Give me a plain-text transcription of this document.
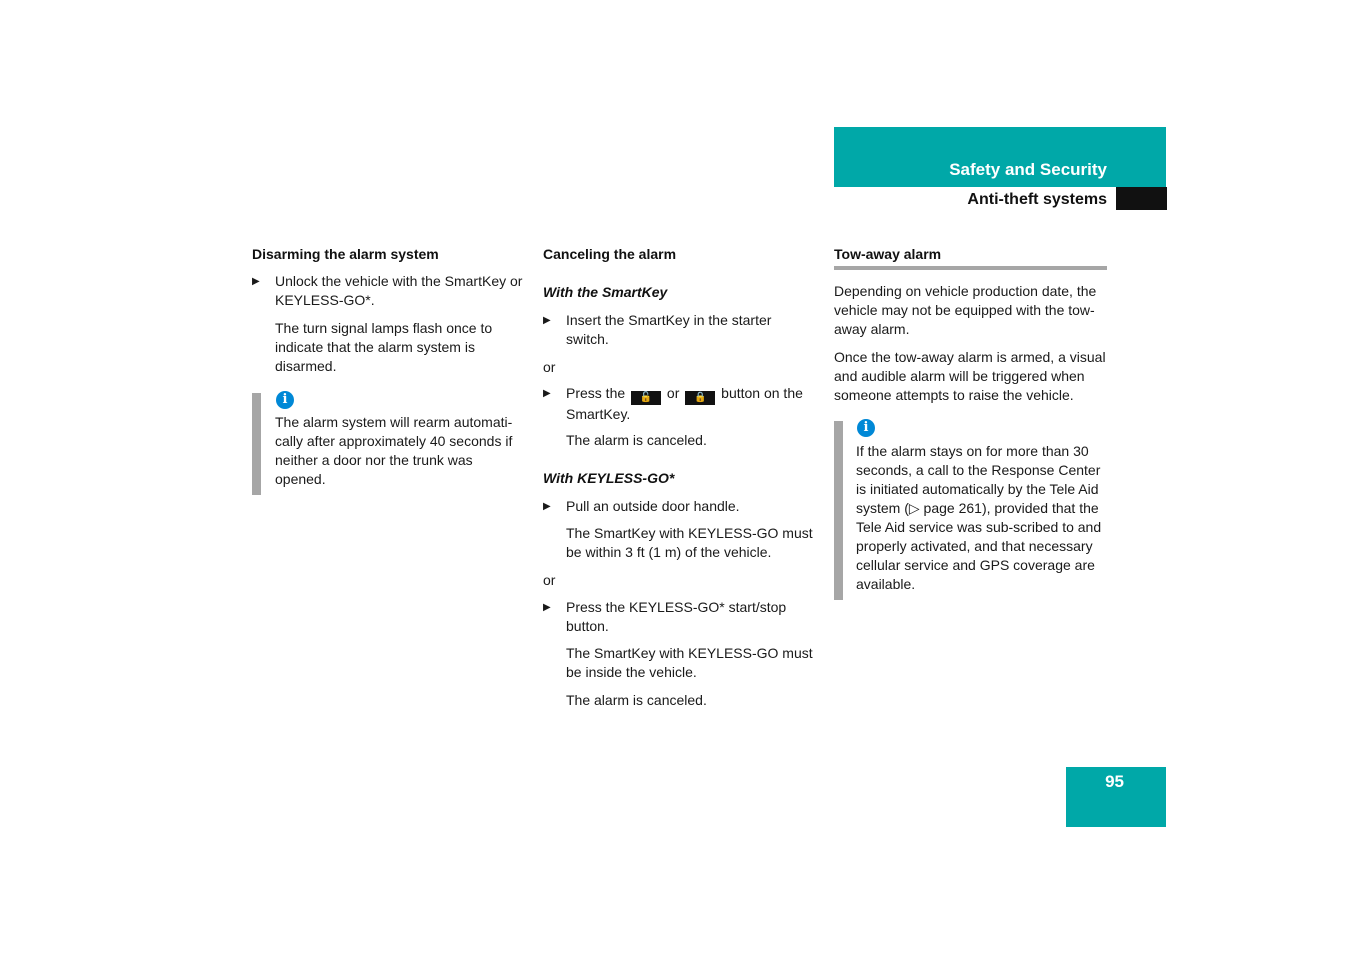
Safety and Security
Anti-theft systems
Disarming the alarm system
▶ Unlock the vehicle with the SmartKey or KEYLESS-GO*.
The turn signal lamps flash once to indicate that the alarm system is disarmed.
i
The alarm system will rearm automati-cally after approximately 40 seconds if neither a door nor the trunk was opened.
Canceling the alarm
With the SmartKey
▶ Insert the SmartKey in the starter switch.
or
▶ Press the 🔓 or 🔒 button on the SmartKey.
The alarm is canceled.
With KEYLESS-GO*
▶ Pull an outside door handle.
The SmartKey with KEYLESS-GO must be within 3 ft (1 m) of the vehicle.
or
▶ Press the KEYLESS-GO* start/stop button.
The SmartKey with KEYLESS-GO must be inside the vehicle.
The alarm is canceled.
Tow-away alarm
Depending on vehicle production date, the vehicle may not be equipped with the tow-away alarm.
Once the tow-away alarm is armed, a visual and audible alarm will be triggered when someone attempts to raise the vehicle.
i
If the alarm stays on for more than 30 seconds, a call to the Response Center is initiated automatically by the Tele Aid system (▷ page 261), provided that the Tele Aid service was sub-scribed to and properly activated, and that necessary cellular service and GPS coverage are available.
95
